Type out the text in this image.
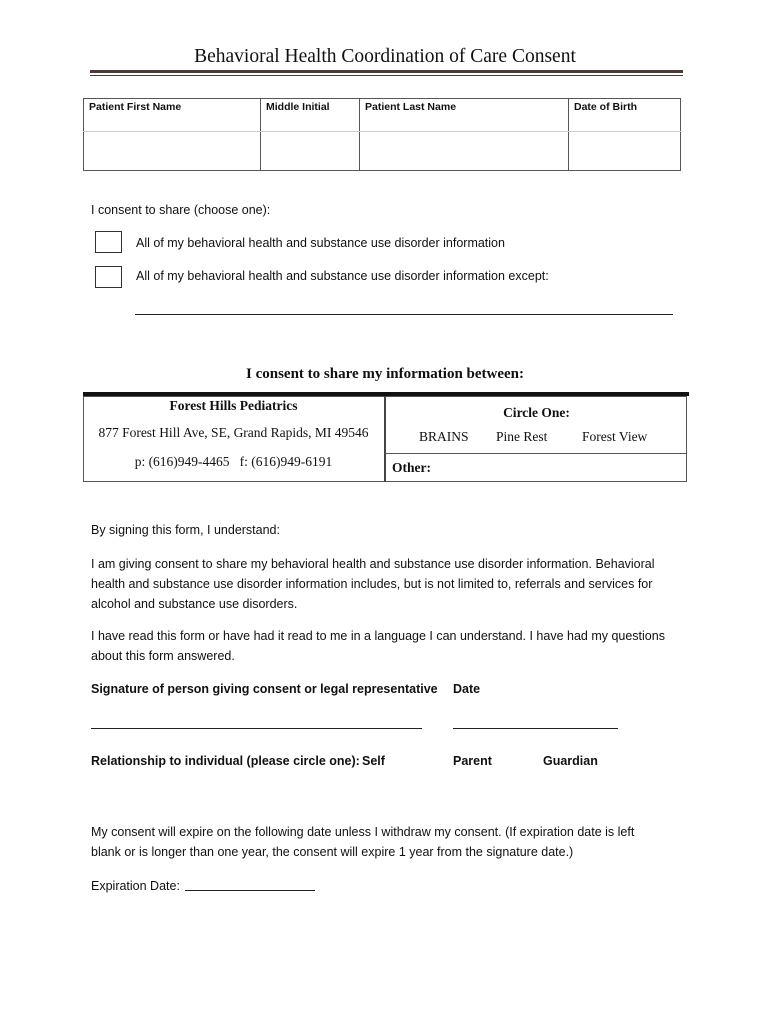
Behavioral Health Coordination of Care Consent
Patient First Name	Middle Initial	Patient Last Name	Date of Birth

I consent to share (choose one):
All of my behavioral health and substance use disorder information
All of my behavioral health and substance use disorder information except:
I consent to share my information between:
Forest Hills Pediatrics
877 Forest Hill Ave, SE, Grand Rapids, MI 49546
p: (616)949-4465   f: (616)949-6191
Circle One:
BRAINS Pine Rest	Forest View
Other:
By signing this form, I understand:
I am giving consent to share my behavioral health and substance use disorder information. Behavioral
health and substance use disorder information includes, but is not limited to, referrals and services for
alcohol and substance use disorders.
I have read this form or have had it read to me in a language I can understand. I have had my questions
about this form answered.
Signature of person giving consent or legal representative Date
Relationship to individual (please circle one): Self	Parent	Guardian
My consent will expire on the following date unless I withdraw my consent. (If expiration date is left
blank or is longer than one year, the consent will expire 1 year from the signature date.)
Expiration Date:
